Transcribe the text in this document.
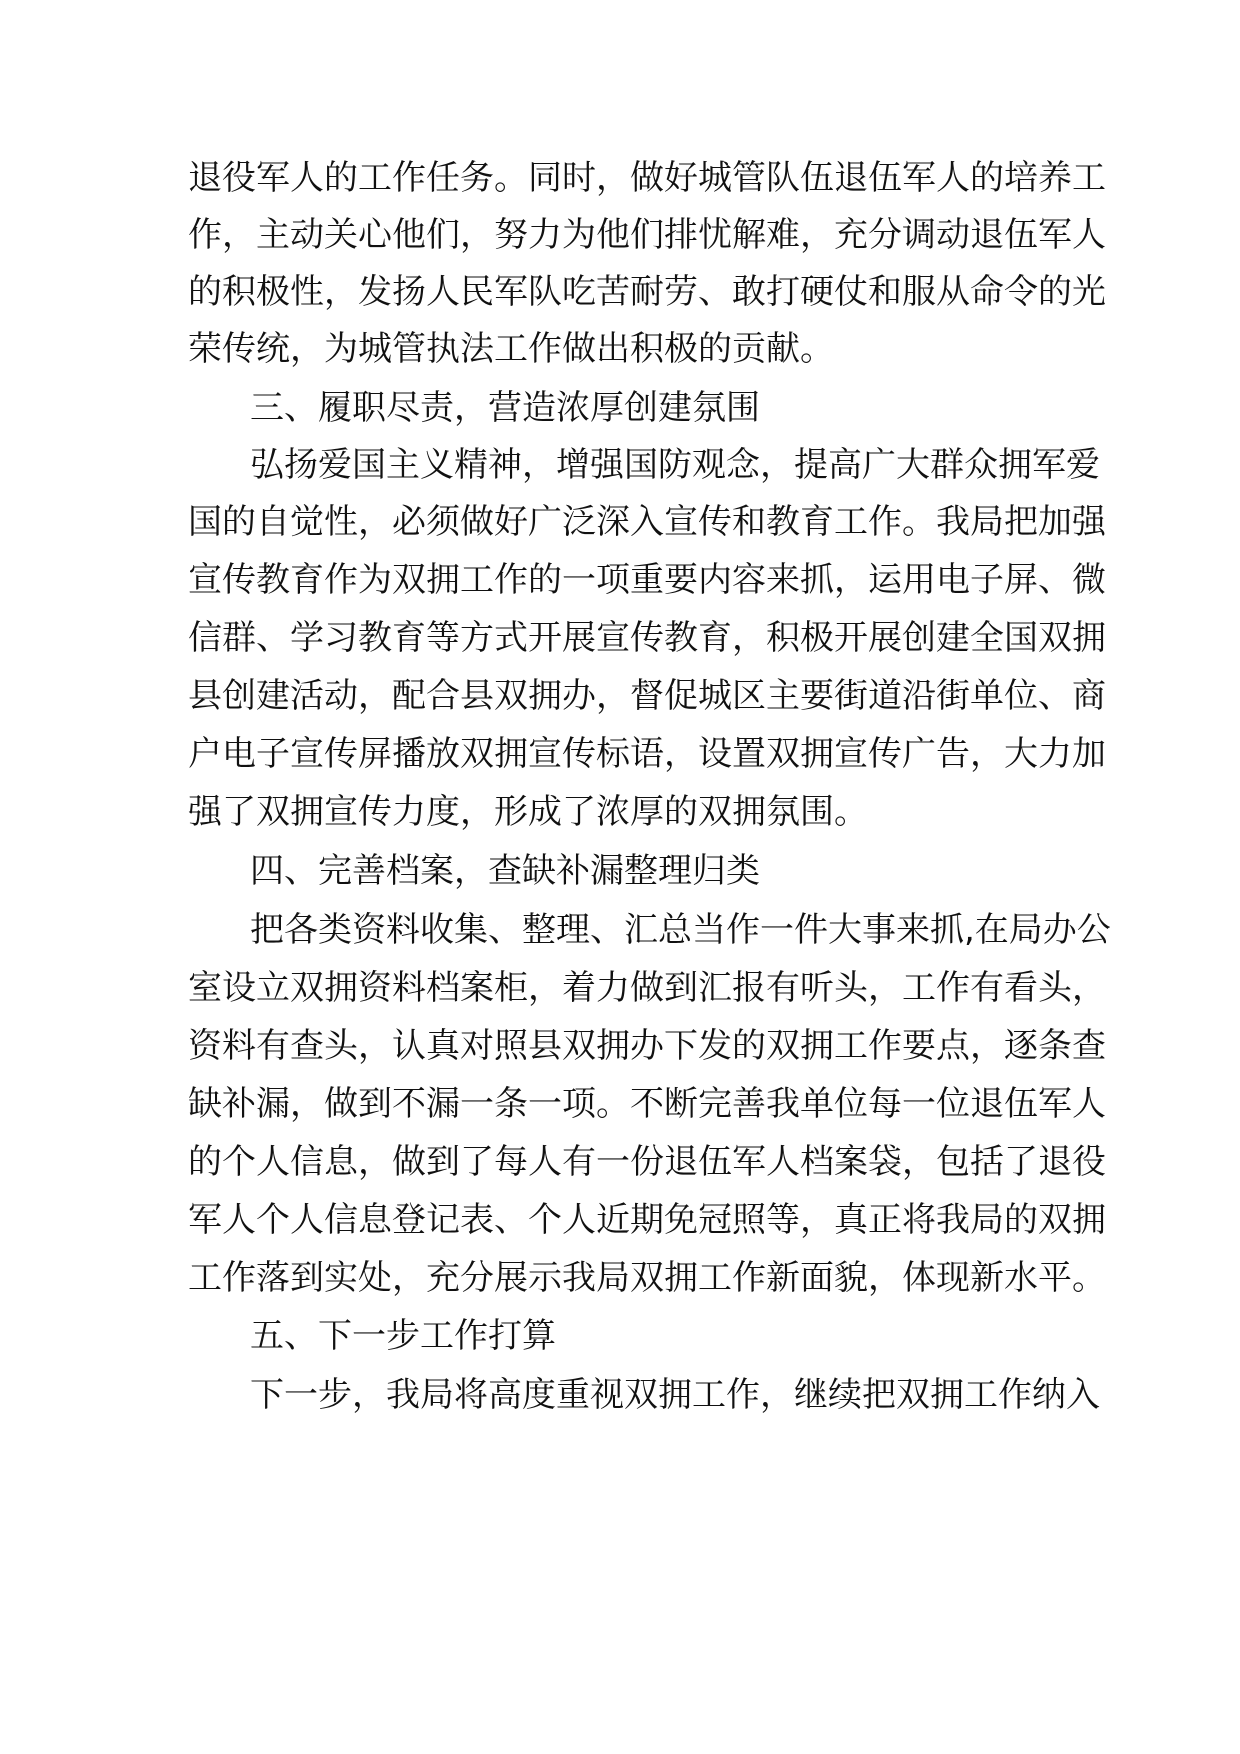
退役军人的工作任务。同时，做好城管队伍退伍军人的培养工
作，主动关心他们，努力为他们排忧解难，充分调动退伍军人
的积极性，发扬人民军队吃苦耐劳、敢打硬仗和服从命令的光
荣传统，为城管执法工作做出积极的贡献。
三、履职尽责，营造浓厚创建氛围
弘扬爱国主义精神，增强国防观念，提高广大群众拥军爱
国的自觉性，必须做好广泛深入宣传和教育工作。我局把加强
宣传教育作为双拥工作的一项重要内容来抓，运用电子屏、微
信群、学习教育等方式开展宣传教育，积极开展创建全国双拥
县创建活动，配合县双拥办，督促城区主要街道沿街单位、商
户电子宣传屏播放双拥宣传标语，设置双拥宣传广告，大力加
强了双拥宣传力度，形成了浓厚的双拥氛围。
四、完善档案，查缺补漏整理归类
把各类资料收集、整理、汇总当作一件大事来抓,在局办公
室设立双拥资料档案柜，着力做到汇报有听头，工作有看头，
资料有查头，认真对照县双拥办下发的双拥工作要点，逐条查
缺补漏，做到不漏一条一项。不断完善我单位每一位退伍军人
的个人信息，做到了每人有一份退伍军人档案袋，包括了退役
军人个人信息登记表、个人近期免冠照等，真正将我局的双拥
工作落到实处，充分展示我局双拥工作新面貌，体现新水平。
五、下一步工作打算
下一步，我局将高度重视双拥工作，继续把双拥工作纳入
